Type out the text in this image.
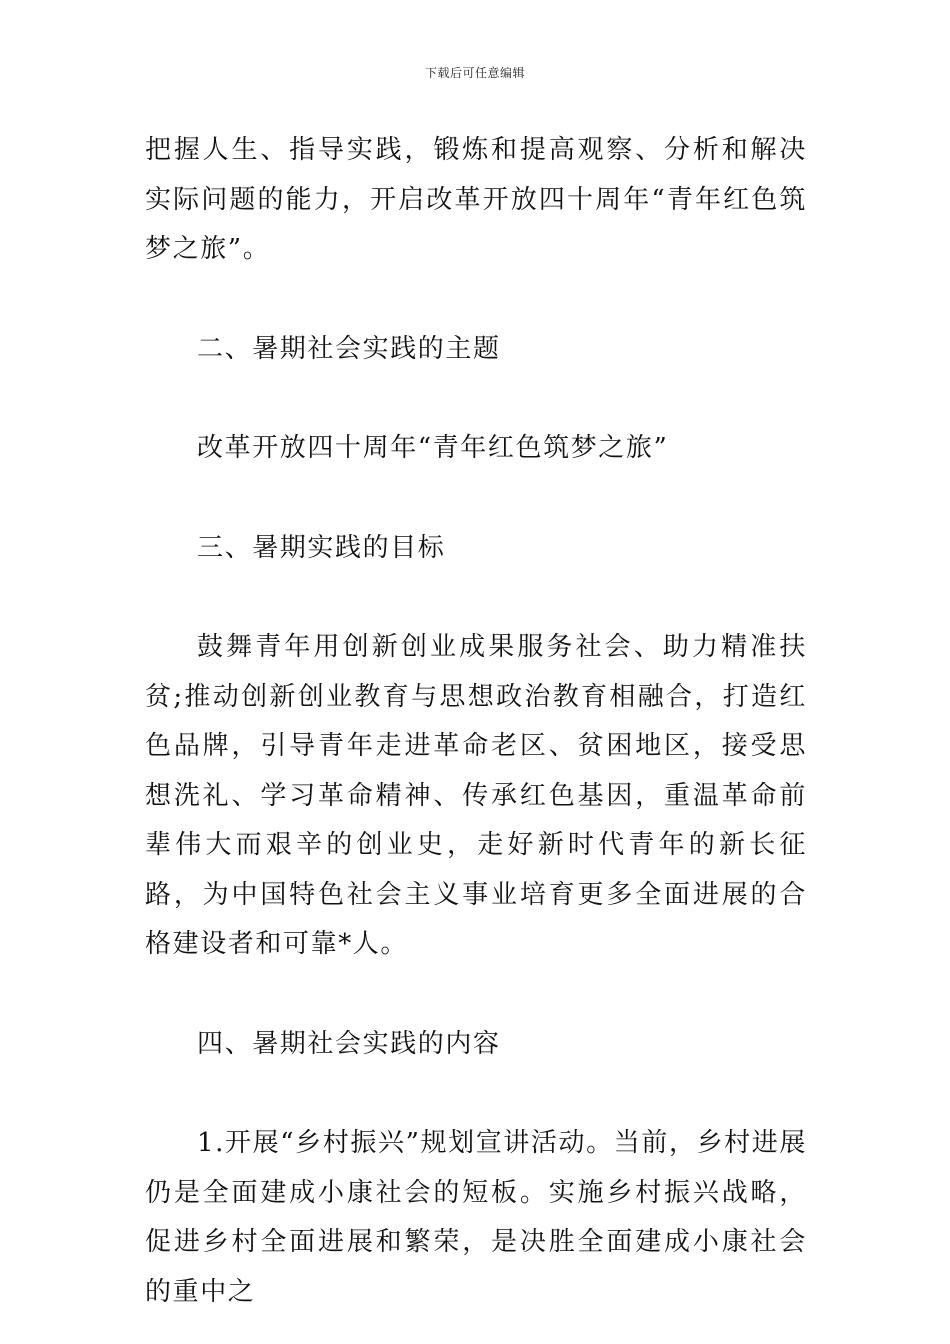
下载后可任意编辑

把握人生、指导实践，锻炼和提高观察、分析和解决实际问题的能力，开启改革开放四十周年“青年红色筑梦之旅”。

二、暑期社会实践的主题

改革开放四十周年“青年红色筑梦之旅”

三、暑期实践的目标

鼓舞青年用创新创业成果服务社会、助力精准扶贫;推动创新创业教育与思想政治教育相融合，打造红色品牌，引导青年走进革命老区、贫困地区，接受思想洗礼、学习革命精神、传承红色基因，重温革命前辈伟大而艰辛的创业史，走好新时代青年的新长征路，为中国特色社会主义事业培育更多全面进展的合格建设者和可靠*人。

四、暑期社会实践的内容

1.开展“乡村振兴”规划宣讲活动。当前，乡村进展仍是全面建成小康社会的短板。实施乡村振兴战略，促进乡村全面进展和繁荣，是决胜全面建成小康社会的重中之
